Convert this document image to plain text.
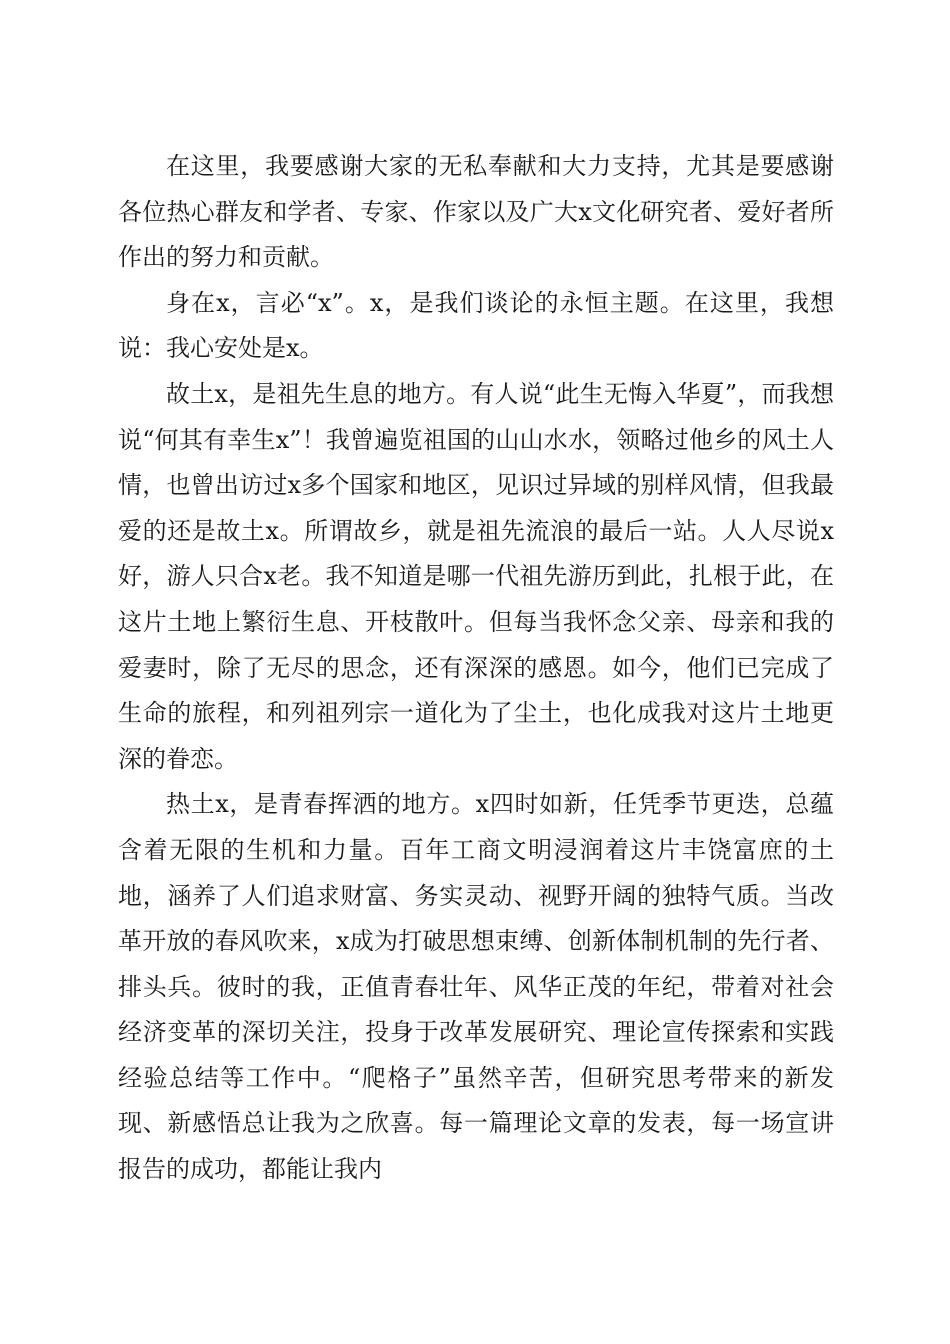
在这里，我要感谢大家的无私奉献和大力支持，尤其是要感谢各位热心群友和学者、专家、作家以及广大x文化研究者、爱好者所作出的努力和贡献。

身在x，言必“x”。x，是我们谈论的永恒主题。在这里，我想说：我心安处是x。

故土x，是祖先生息的地方。有人说“此生无悔入华夏”，而我想说“何其有幸生x”！我曾遍览祖国的山山水水，领略过他乡的风土人情，也曾出访过x多个国家和地区，见识过异域的别样风情，但我最爱的还是故土x。所谓故乡，就是祖先流浪的最后一站。人人尽说x好，游人只合x老。我不知道是哪一代祖先游历到此，扎根于此，在这片土地上繁衍生息、开枝散叶。但每当我怀念父亲、母亲和我的爱妻时，除了无尽的思念，还有深深的感恩。如今，他们已完成了生命的旅程，和列祖列宗一道化为了尘土，也化成我对这片土地更深的眷恋。

热土x，是青春挥洒的地方。x四时如新，任凭季节更迭，总蕴含着无限的生机和力量。百年工商文明浸润着这片丰饶富庶的土地，涵养了人们追求财富、务实灵动、视野开阔的独特气质。当改革开放的春风吹来，x成为打破思想束缚、创新体制机制的先行者、排头兵。彼时的我，正值青春壮年、风华正茂的年纪，带着对社会经济变革的深切关注，投身于改革发展研究、理论宣传探索和实践经验总结等工作中。“爬格子”虽然辛苦，但研究思考带来的新发现、新感悟总让我为之欣喜。每一篇理论文章的发表，每一场宣讲报告的成功，都能让我内
